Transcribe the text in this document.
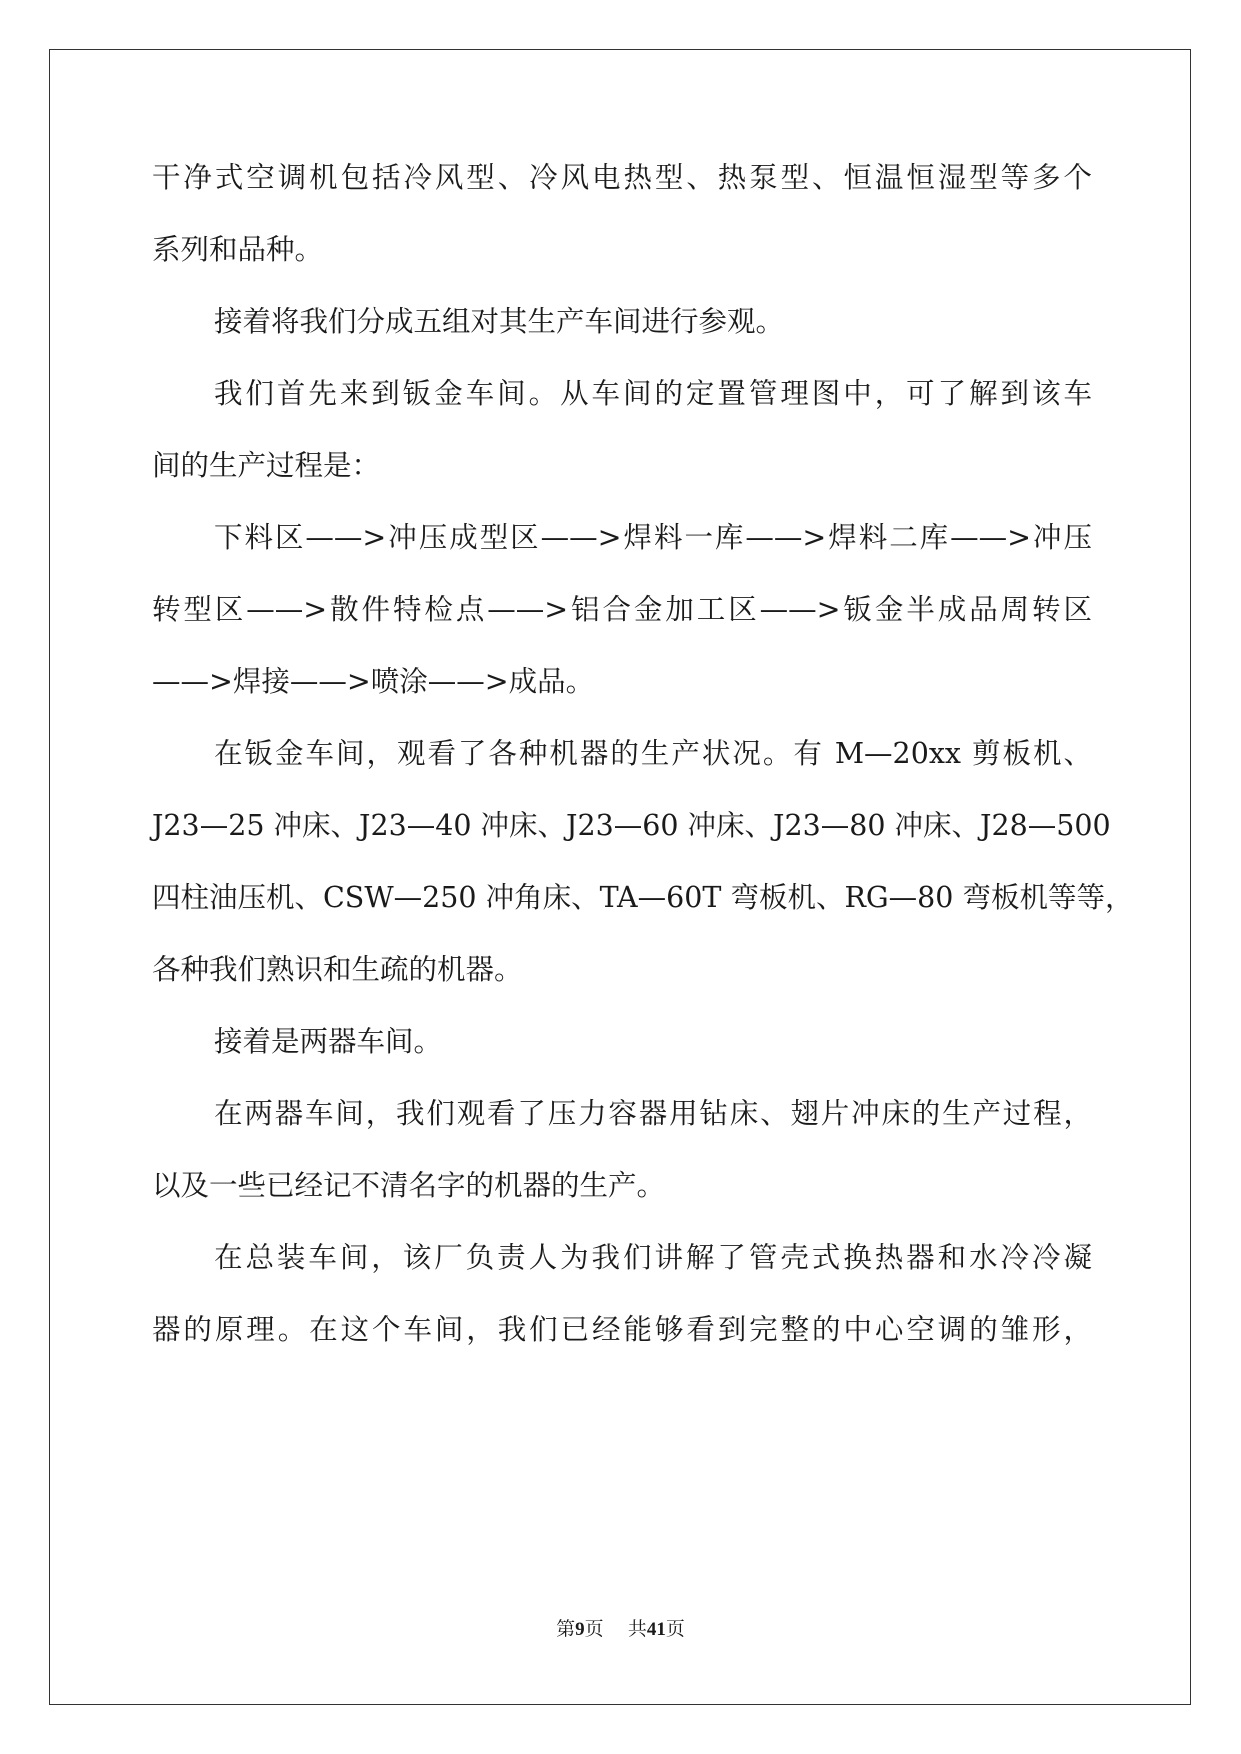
干净式空调机包括冷风型、冷风电热型、热泵型、恒温恒湿型等多个
系列和品种。
接着将我们分成五组对其生产车间进行参观。
我们首先来到钣金车间。从车间的定置管理图中，可了解到该车
间的生产过程是：
下料区——>冲压成型区——>焊料一库——>焊料二库——>冲压
转型区——>散件特检点——>铝合金加工区——>钣金半成品周转区
——>焊接——>喷涂——>成品。
在钣金车间，观看了各种机器的生产状况。有 M—20xx 剪板机、
J23—25 冲床、J23—40 冲床、J23—60 冲床、J23—80 冲床、J28—500
四柱油压机、CSW—250 冲角床、TA—60T 弯板机、RG—80 弯板机等等，
各种我们熟识和生疏的机器。
接着是两器车间。
在两器车间，我们观看了压力容器用钻床、翅片冲床的生产过程，
以及一些已经记不清名字的机器的生产。
在总装车间，该厂负责人为我们讲解了管壳式换热器和水冷冷凝
器的原理。在这个车间，我们已经能够看到完整的中心空调的雏形，
第9页    共41页
